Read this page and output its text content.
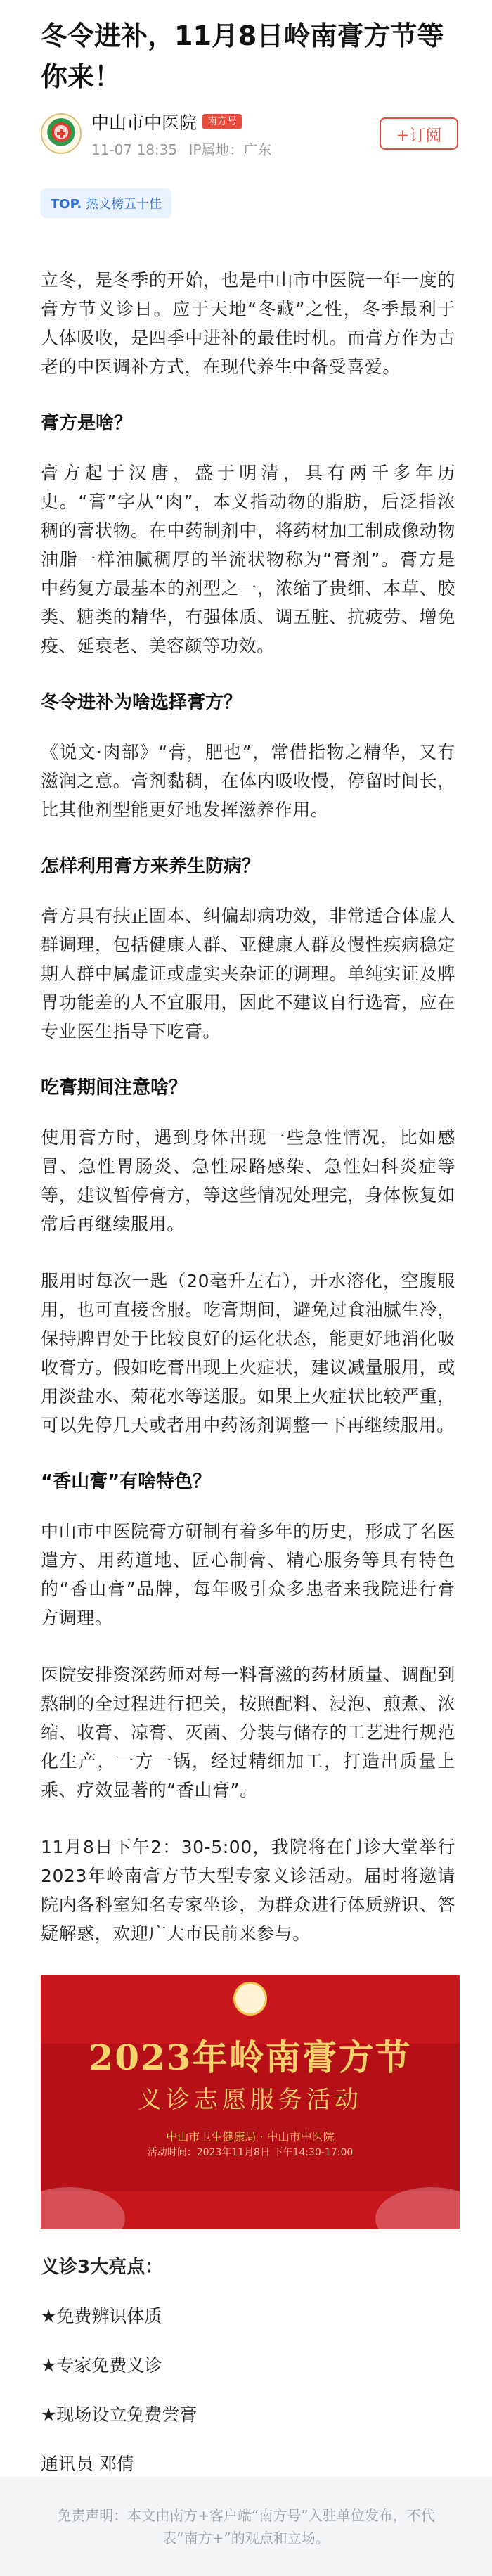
冬令进补，11月8日岭南膏方节等你来！
中山市中医院	南方号
11-07 18:35 IP属地：广东
+订阅
TOP. 热文榜五十佳

立冬，是冬季的开始，也是中山市中医院一年一度的膏方节义诊日。应于天地“冬藏”之性，冬季最利于人体吸收，是四季中进补的最佳时机。而膏方作为古老的中医调补方式，在现代养生中备受喜爱。

膏方是啥？

膏方起于汉唐，盛于明清，具有两千多年历史。“膏”字从“肉”，本义指动物的脂肪，后泛指浓稠的膏状物。在中药制剂中，将药材加工制成像动物油脂一样油腻稠厚的半流状物称为“膏剂”。膏方是中药复方最基本的剂型之一，浓缩了贵细、本草、胶类、糖类的精华，有强体质、调五脏、抗疲劳、增免疫、延衰老、美容颜等功效。

冬令进补为啥选择膏方？

《说文·肉部》“膏，肥也”，常借指物之精华，又有滋润之意。膏剂黏稠，在体内吸收慢，停留时间长，比其他剂型能更好地发挥滋养作用。

怎样利用膏方来养生防病？

膏方具有扶正固本、纠偏却病功效，非常适合体虚人群调理，包括健康人群、亚健康人群及慢性疾病稳定期人群中属虚证或虚实夹杂证的调理。单纯实证及脾胃功能差的人不宜服用，因此不建议自行选膏，应在专业医生指导下吃膏。

吃膏期间注意啥？

使用膏方时，遇到身体出现一些急性情况，比如感冒、急性胃肠炎、急性尿路感染、急性妇科炎症等等，建议暂停膏方，等这些情况处理完，身体恢复如常后再继续服用。

服用时每次一匙（20毫升左右），开水溶化，空腹服用，也可直接含服。吃膏期间，避免过食油腻生冷，保持脾胃处于比较良好的运化状态，能更好地消化吸收膏方。假如吃膏出现上火症状，建议减量服用，或用淡盐水、菊花水等送服。如果上火症状比较严重，可以先停几天或者用中药汤剂调整一下再继续服用。

“香山膏”有啥特色？

中山市中医院膏方研制有着多年的历史，形成了名医遣方、用药道地、匠心制膏、精心服务等具有特色的“香山膏”品牌，每年吸引众多患者来我院进行膏方调理。

医院安排资深药师对每一料膏滋的药材质量、调配到熬制的全过程进行把关，按照配料、浸泡、煎煮、浓缩、收膏、凉膏、灭菌、分装与储存的工艺进行规范化生产，一方一锅，经过精细加工，打造出质量上乘、疗效显著的“香山膏”。

11月8日下午2：30-5:00，我院将在门诊大堂举行2023年岭南膏方节大型专家义诊活动。届时将邀请院内各科室知名专家坐诊，为群众进行体质辨识、答疑解惑，欢迎广大市民前来参与。

2023年岭南膏方节
义诊志愿服务活动
中山市卫生健康局 · 中山市中医院
活动时间：2023年11月8日 下午14:30-17:00
义诊3大亮点：
★免费辨识体质
★专家免费义诊
★现场设立免费尝膏
通讯员 邓倩
免责声明：本文由南方+客户端“南方号”入驻单位发布，不代表“南方+”的观点和立场。
